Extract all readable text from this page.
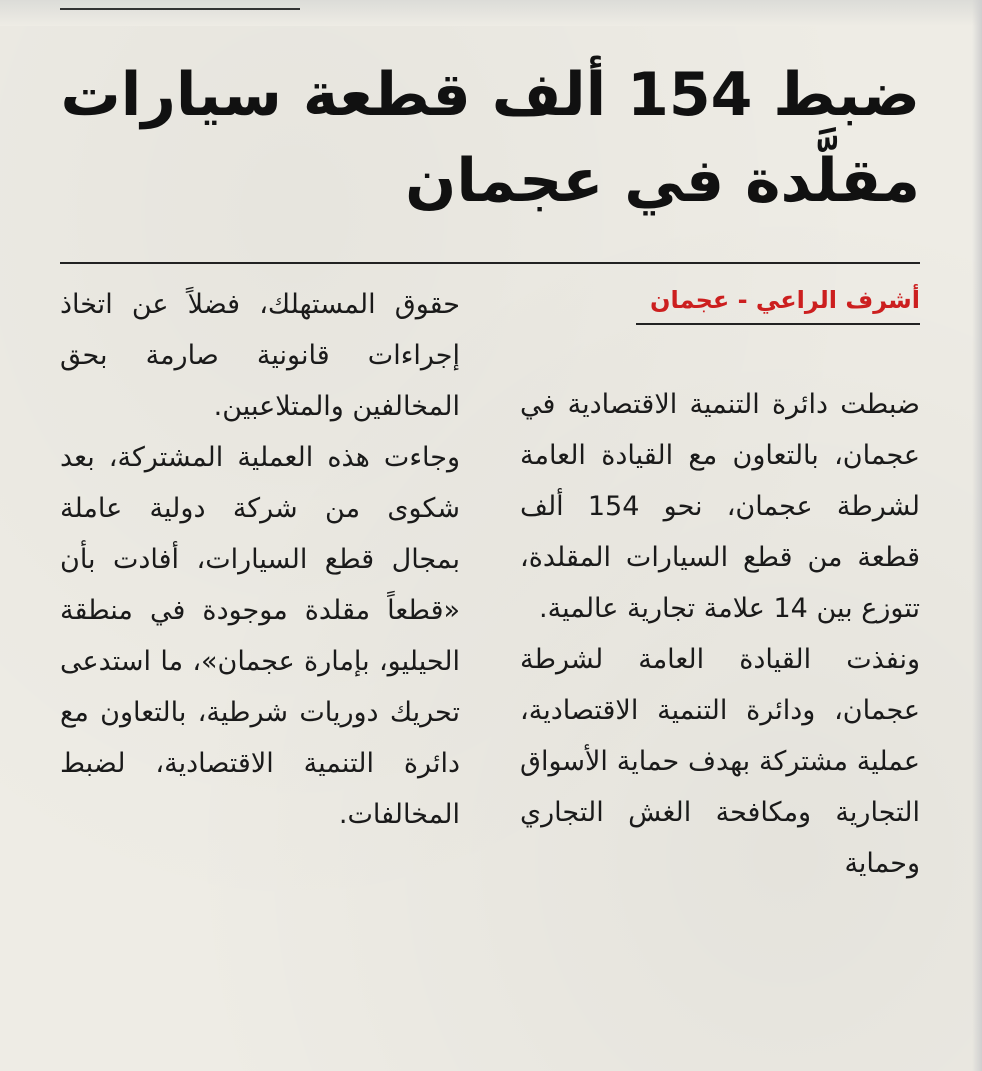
ضبط 154 ألف قطعة سيارات مقلَّدة في عجمان
أشرف الراعي - عجمان

ضبطت دائرة التنمية الاقتصادية في عجمان، بالتعاون مع القيادة العامة لشرطة عجمان، نحو 154 ألف قطعة من قطع السيارات المقلدة، تتوزع بين 14 علامة تجارية عالمية.

ونفذت القيادة العامة لشرطة عجمان، ودائرة التنمية الاقتصادية، عملية مشتركة بهدف حماية الأسواق التجارية ومكافحة الغش التجاري وحماية

حقوق المستهلك، فضلاً عن اتخاذ إجراءات قانونية صارمة بحق المخالفين والمتلاعبين.

وجاءت هذه العملية المشتركة، بعد شكوى من شركة دولية عاملة بمجال قطع السيارات، أفادت بأن «قطعاً مقلدة موجودة في منطقة الحيليو، بإمارة عجمان»، ما استدعى تحريك دوريات شرطية، بالتعاون مع دائرة التنمية الاقتصادية، لضبط المخالفات.
